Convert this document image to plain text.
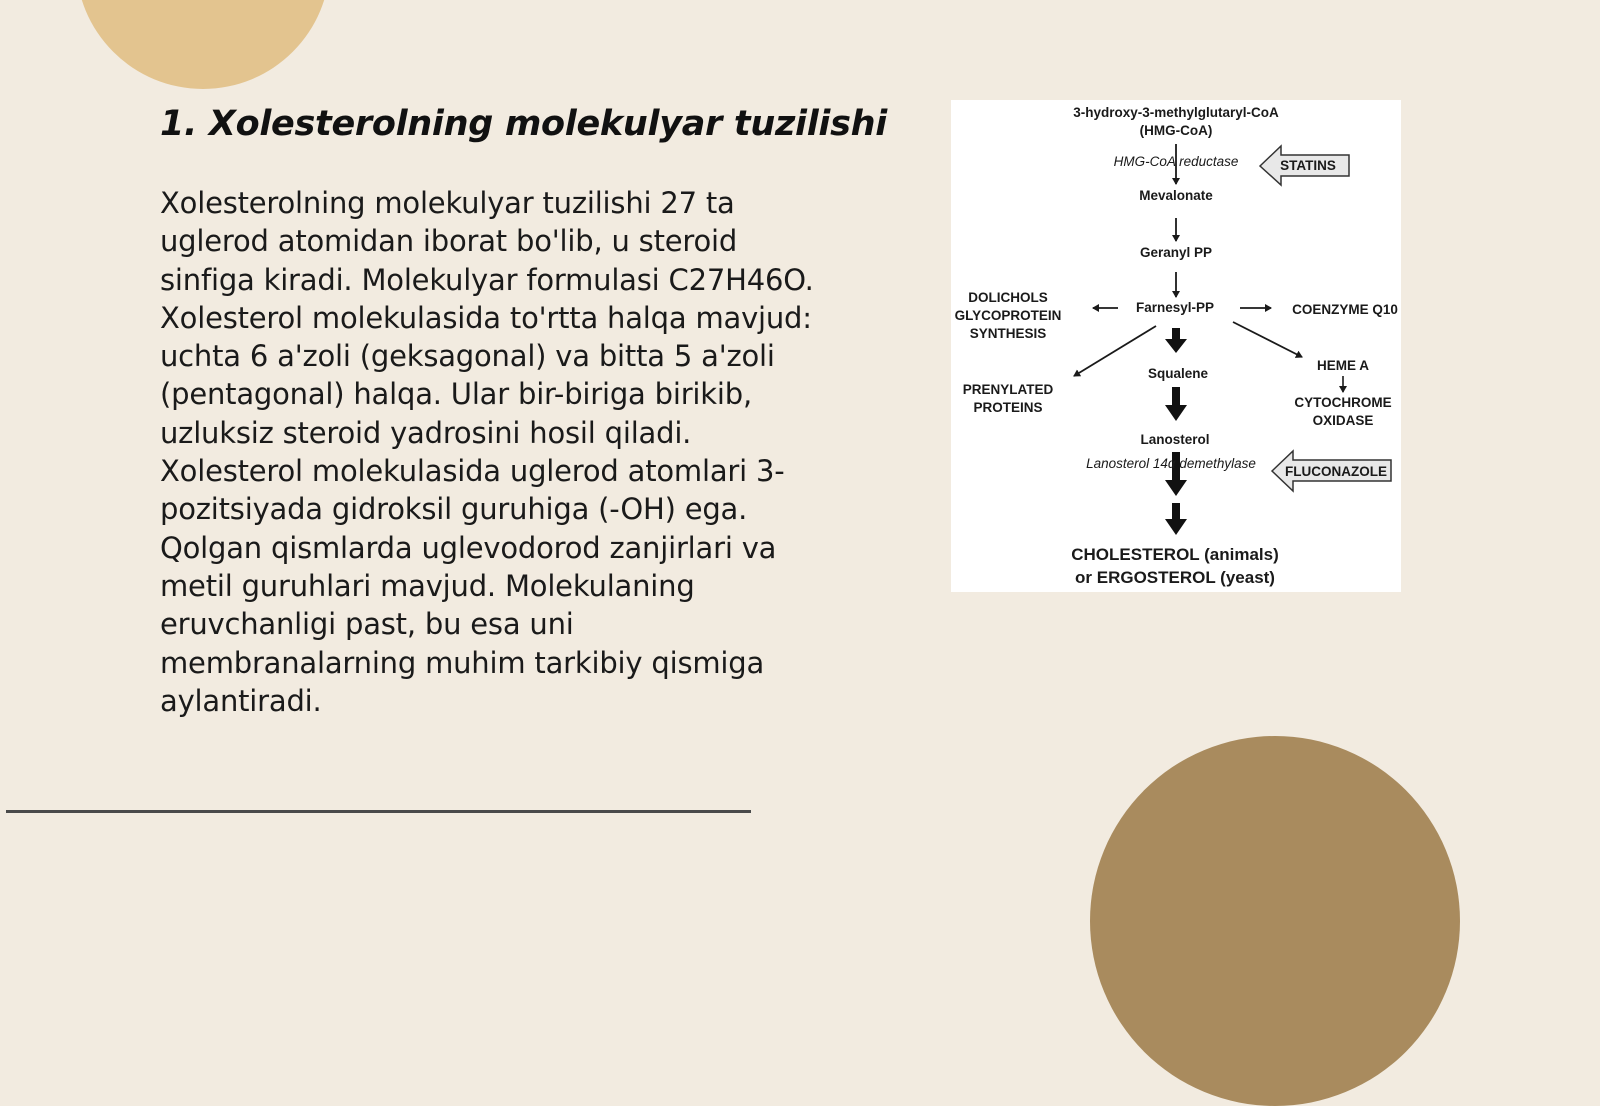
1. Xolesterolning molekulyar tuzilishi

Xolesterolning molekulyar tuzilishi 27 ta uglerod atomidan iborat bo'lib, u steroid sinfiga kiradi. Molekulyar formulasi C27H46O. Xolesterol molekulasida to'rtta halqa mavjud: uchta 6 a'zoli (geksagonal) va bitta 5 a'zoli (pentagonal) halqa. Ular bir-biriga birikib, uzluksiz steroid yadrosini hosil qiladi. Xolesterol molekulasida uglerod atomlari 3-pozitsiyada gidroksil guruhiga (-OH) ega. Qolgan qismlarda uglevodorod zanjirlari va metil guruhlari mavjud. Molekulaning eruvchanligi past, bu esa uni membranalarning muhim tarkibiy qismiga aylantiradi.

3-hydroxy-3-methylglutaryl-CoA
(HMG-CoA)
HMG-CoA reductase	STATINS
Mevalonate
Geranyl PP
Farnesyl-PP
DOLICHOLS
GLYCOPROTEIN
SYNTHESIS
COENZYME Q10
PRENYLATED
PROTEINS
HEME A
CYTOCHROME
OXIDASE
Squalene
Lanosterol
Lanosterol 14α demethylase
FLUCONAZOLE
CHOLESTEROL (animals)
or ERGOSTEROL (yeast)
